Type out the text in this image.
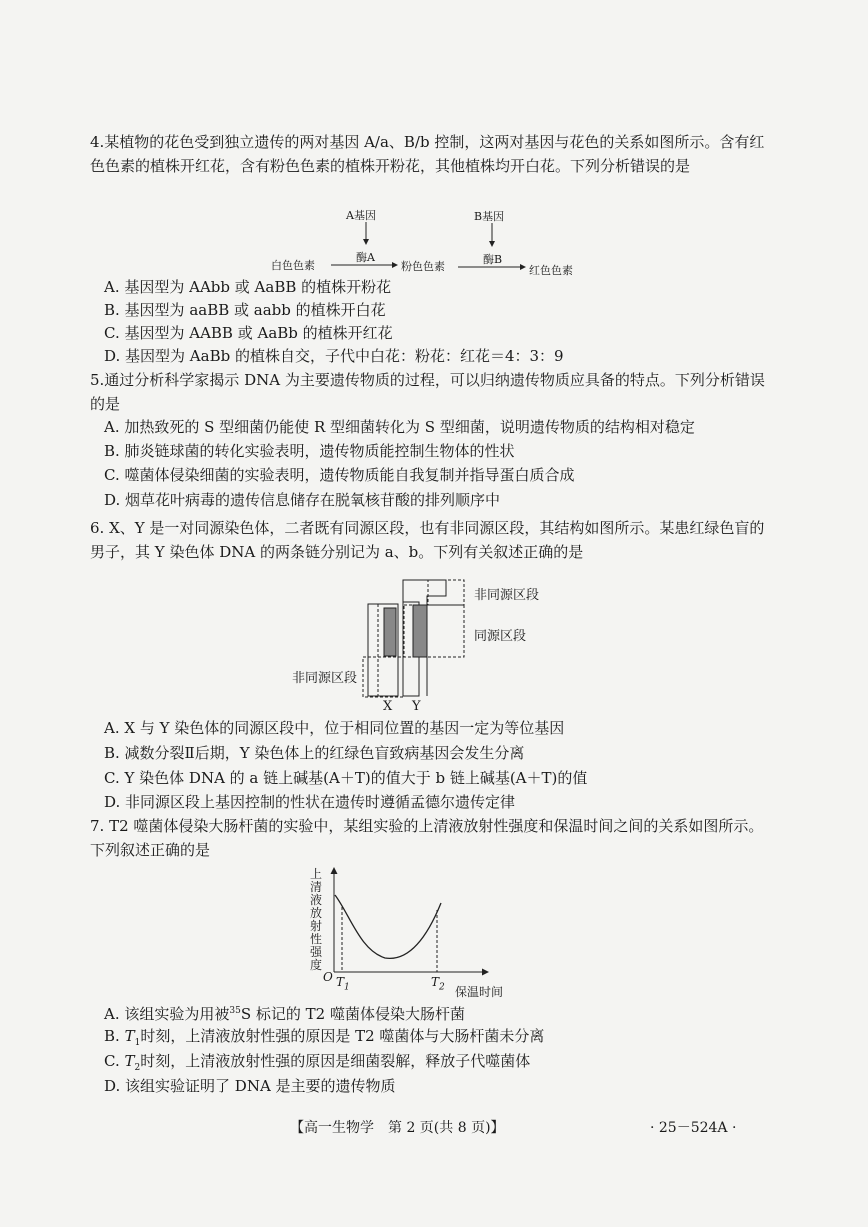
4.某植物的花色受到独立遗传的两对基因 A/a、B/b 控制，这两对基因与花色的关系如图所示。含有红色色素的植株开红花，含有粉色色素的植株开粉花，其他植株均开白花。下列分析错误的是

A基因	B基因
酶A	酶B
白色色素	粉色色素	红色色素
A. 基因型为 AAbb 或 AaBB 的植株开粉花
B. 基因型为 aaBB 或 aabb 的植株开白花
C. 基因型为 AABB 或 AaBb 的植株开红花
D. 基因型为 AaBb 的植株自交，子代中白花：粉花：红花＝4：3：9

5.通过分析科学家揭示 DNA 为主要遗传物质的过程，可以归纳遗传物质应具备的特点。下列分析错误的是

A. 加热致死的 S 型细菌仍能使 R 型细菌转化为 S 型细菌，说明遗传物质的结构相对稳定
B. 肺炎链球菌的转化实验表明，遗传物质能控制生物体的性状
C. 噬菌体侵染细菌的实验表明，遗传物质能自我复制并指导蛋白质合成
D. 烟草花叶病毒的遗传信息储存在脱氧核苷酸的排列顺序中

6. X、Y 是一对同源染色体，二者既有同源区段，也有非同源区段，其结构如图所示。某患红绿色盲的男子，其 Y 染色体 DNA 的两条链分别记为 a、b。下列有关叙述正确的是

非同源区段
同源区段
非同源区段
X Y
A. X 与 Y 染色体的同源区段中，位于相同位置的基因一定为等位基因
B. 减数分裂Ⅱ后期，Y 染色体上的红绿色盲致病基因会发生分离
C. Y 染色体 DNA 的 a 链上碱基(A＋T)的值大于 b 链上碱基(A＋T)的值
D. 非同源区段上基因控制的性状在遗传时遵循孟德尔遗传定律

7. T2 噬菌体侵染大肠杆菌的实验中，某组实验的上清液放射性强度和保温时间之间的关系如图所示。下列叙述正确的是

上清液放射性强度
O $T_1$	$T_2$ 保温时间
A. 该组实验为用被$^{35}$S 标记的 T2 噬菌体侵染大肠杆菌
B. $T_1$时刻，上清液放射性强的原因是 T2 噬菌体与大肠杆菌未分离
C. $T_2$时刻，上清液放射性强的原因是细菌裂解，释放子代噬菌体
D. 该组实验证明了 DNA 是主要的遗传物质
【高一生物学　第 2 页(共 8 页)】	· 25－524A ·
